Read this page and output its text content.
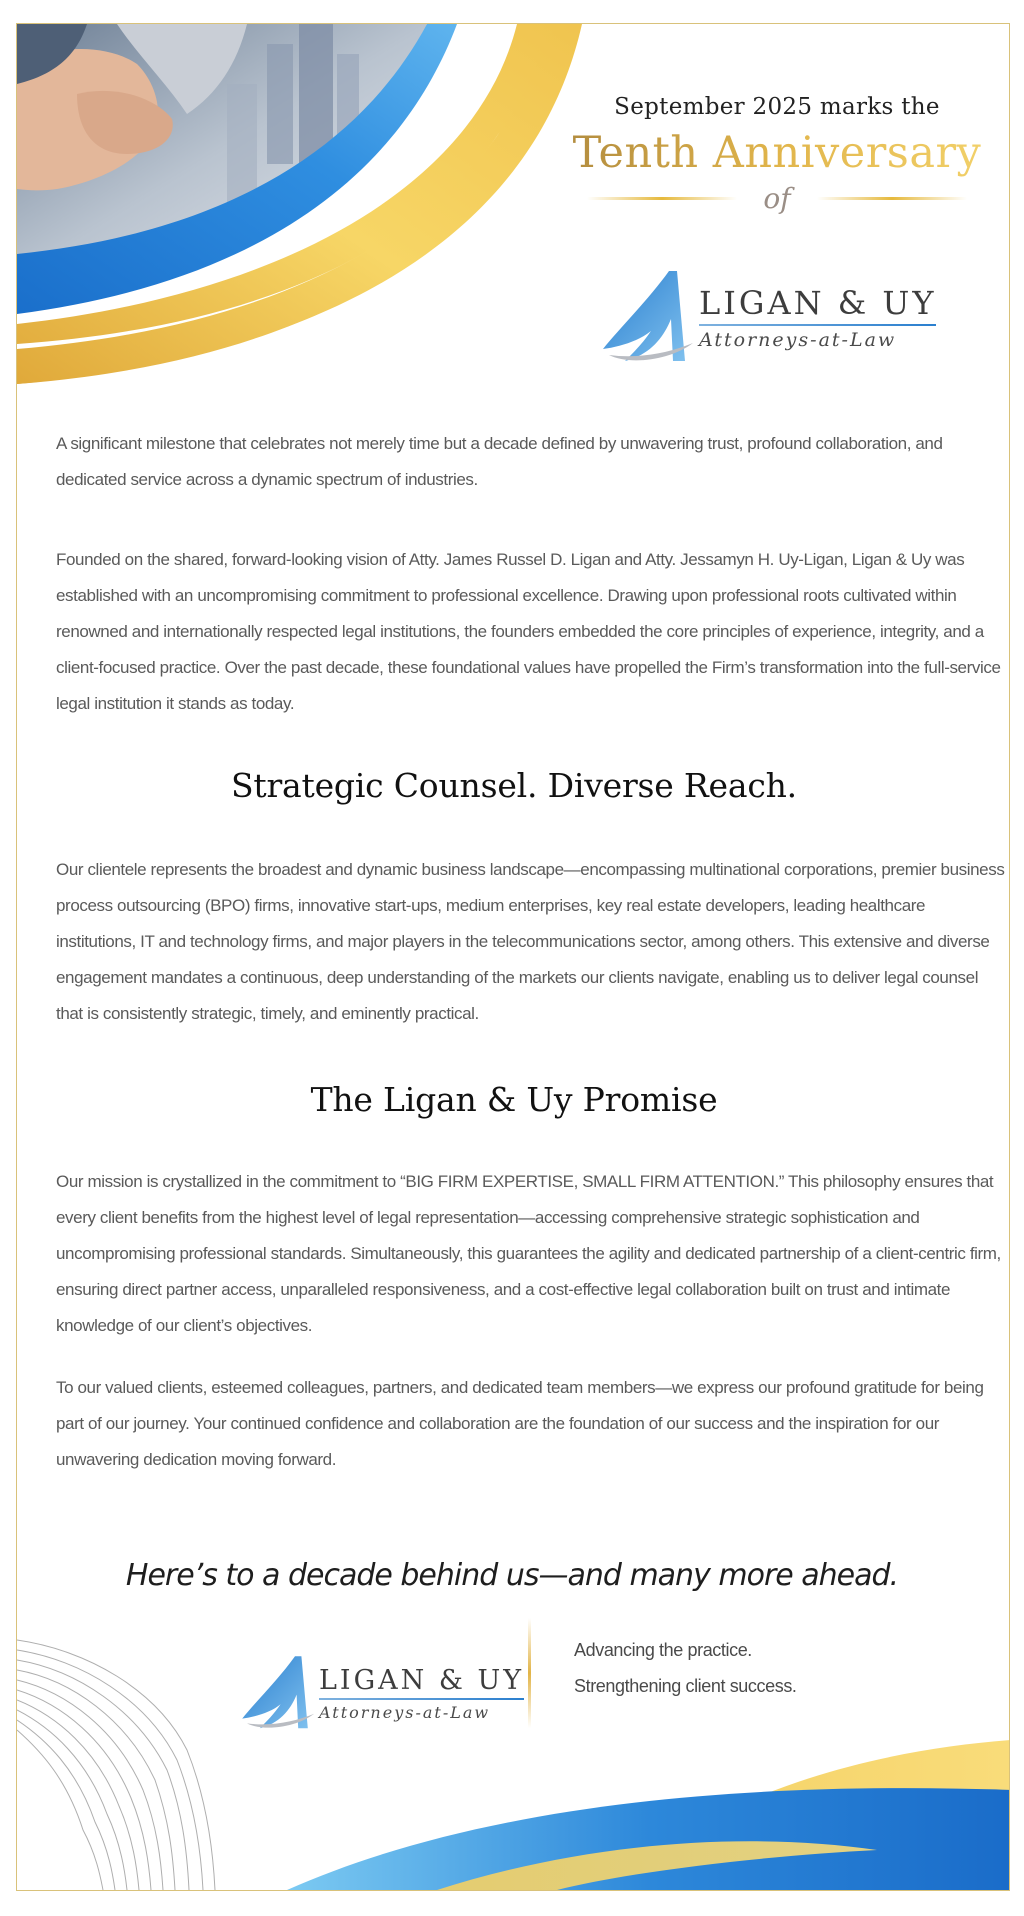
September 2025 marks the
Tenth Anniversary
of
LIGAN & UY
Attorneys-at-Law
A significant milestone that celebrates not merely time but a decade defined by unwavering trust, profound collaboration, and dedicated service across a dynamic spectrum of industries.
Founded on the shared, forward-looking vision of Atty. James Russel D. Ligan and Atty. Jessamyn H. Uy-Ligan, Ligan & Uy was established with an uncompromising commitment to professional excellence. Drawing upon professional roots cultivated within renowned and internationally respected legal institutions, the founders embedded the core principles of experience, integrity, and a client-focused practice. Over the past decade, these foundational values have propelled the Firm’s transformation into the full-service legal institution it stands as today.
Strategic Counsel. Diverse Reach.
Our clientele represents the broadest and dynamic business landscape—encompassing multinational corporations, premier business process outsourcing (BPO) firms, innovative start-ups, medium enterprises, key real estate developers, leading healthcare institutions, IT and technology firms, and major players in the telecommunications sector, among others. This extensive and diverse engagement mandates a continuous, deep understanding of the markets our clients navigate, enabling us to deliver legal counsel that is consistently strategic, timely, and eminently practical.
The Ligan & Uy Promise
Our mission is crystallized in the commitment to “BIG FIRM EXPERTISE, SMALL FIRM ATTENTION.” This philosophy ensures that every client benefits from the highest level of legal representation—accessing comprehensive strategic sophistication and uncompromising professional standards. Simultaneously, this guarantees the agility and dedicated partnership of a client-centric firm, ensuring direct partner access, unparalleled responsiveness, and a cost-effective legal collaboration built on trust and intimate knowledge of our client’s objectives.
To our valued clients, esteemed colleagues, partners, and dedicated team members—we express our profound gratitude for being part of our journey. Your continued confidence and collaboration are the foundation of our success and the inspiration for our unwavering dedication moving forward.
LIGAN & UY
Attorneys-at-Law
Here’s to a decade behind us—and many more ahead.
Advancing the practice.
Strengthening client success.
